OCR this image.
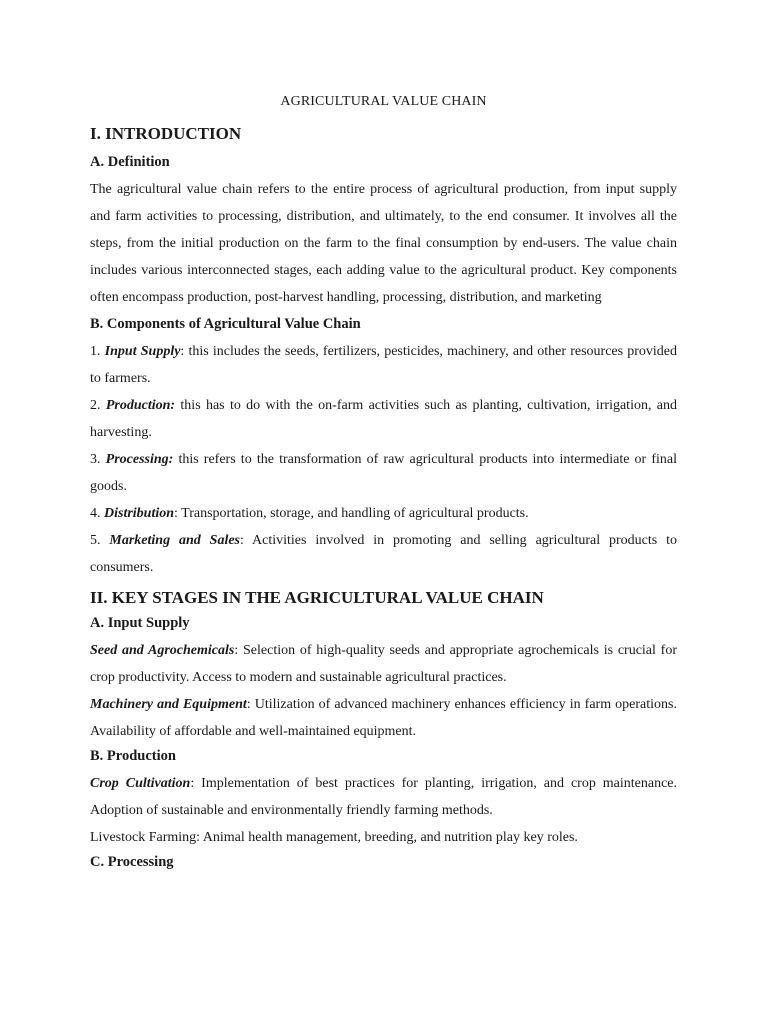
AGRICULTURAL VALUE CHAIN
I. INTRODUCTION
A. Definition

The agricultural value chain refers to the entire process of agricultural production, from input supply and farm activities to processing, distribution, and ultimately, to the end consumer. It involves all the steps, from the initial production on the farm to the final consumption by end-users. The value chain includes various interconnected stages, each adding value to the agricultural product. Key components often encompass production, post-harvest handling, processing, distribution, and marketing

B. Components of Agricultural Value Chain

1. Input Supply: this includes the seeds, fertilizers, pesticides, machinery, and other resources provided to farmers.

2. Production: this has to do with the on-farm activities such as planting, cultivation, irrigation, and harvesting.

3. Processing: this refers to the transformation of raw agricultural products into intermediate or final goods.

4. Distribution: Transportation, storage, and handling of agricultural products.

5. Marketing and Sales: Activities involved in promoting and selling agricultural products to consumers.

II. KEY STAGES IN THE AGRICULTURAL VALUE CHAIN
A. Input Supply

Seed and Agrochemicals: Selection of high-quality seeds and appropriate agrochemicals is crucial for crop productivity. Access to modern and sustainable agricultural practices.

Machinery and Equipment: Utilization of advanced machinery enhances efficiency in farm operations. Availability of affordable and well-maintained equipment.

B. Production

Crop Cultivation: Implementation of best practices for planting, irrigation, and crop maintenance. Adoption of sustainable and environmentally friendly farming methods.

Livestock Farming: Animal health management, breeding, and nutrition play key roles.

C. Processing
